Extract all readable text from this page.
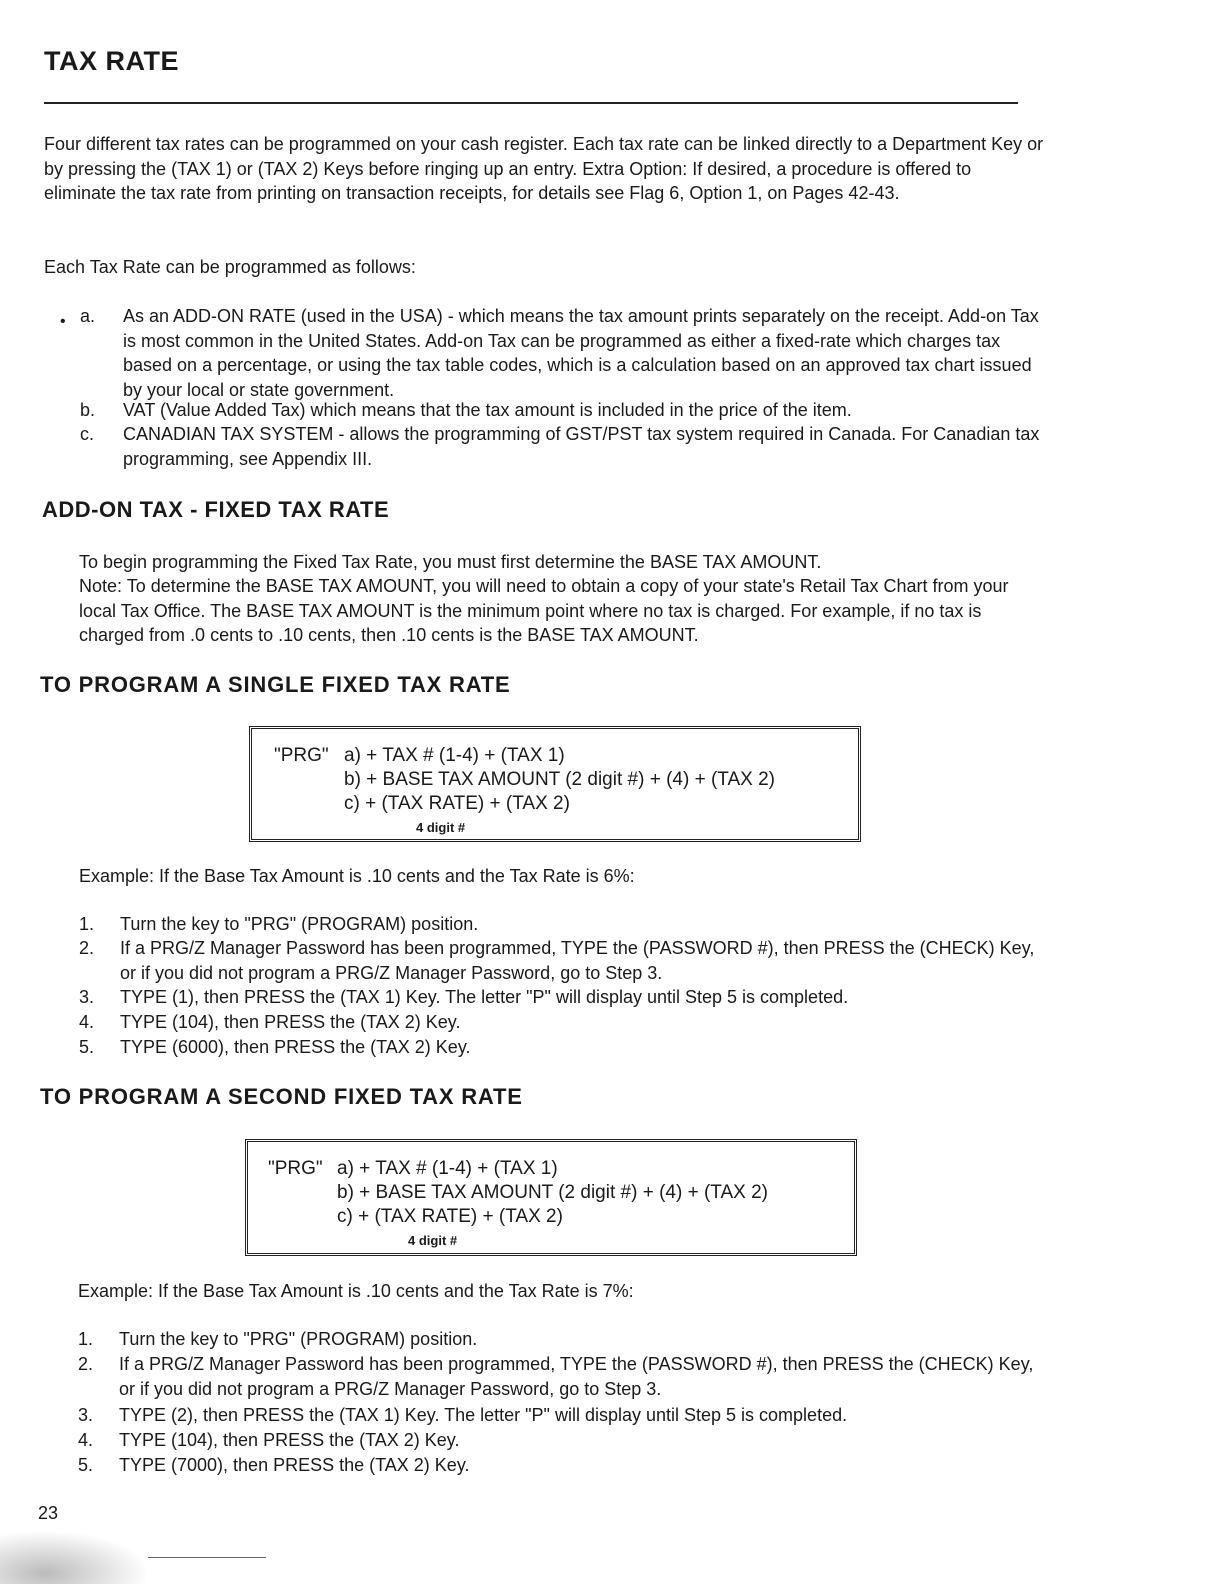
TAX RATE
Four different tax rates can be programmed on your cash register. Each tax rate can be linked directly to a Department Key or by pressing the (TAX 1) or (TAX 2) Keys before ringing up an entry. Extra Option: If desired, a procedure is offered to eliminate the tax rate from printing on transaction receipts, for details see Flag 6, Option 1, on Pages 42-43.
Each Tax Rate can be programmed as follows:
• a. As an ADD-ON RATE (used in the USA) - which means the tax amount prints separately on the receipt. Add-on Tax is most common in the United States. Add-on Tax can be programmed as either a fixed-rate which charges tax based on a percentage, or using the tax table codes, which is a calculation based on an approved tax chart issued by your local or state government.
b. VAT (Value Added Tax) which means that the tax amount is included in the price of the item.
c. CANADIAN TAX SYSTEM - allows the programming of GST/PST tax system required in Canada. For Canadian tax programming, see Appendix III.
ADD-ON TAX - FIXED TAX RATE
To begin programming the Fixed Tax Rate, you must first determine the BASE TAX AMOUNT.
Note: To determine the BASE TAX AMOUNT, you will need to obtain a copy of your state's Retail Tax Chart from your local Tax Office. The BASE TAX AMOUNT is the minimum point where no tax is charged. For example, if no tax is charged from .0 cents to .10 cents, then .10 cents is the BASE TAX AMOUNT.
TO PROGRAM A SINGLE FIXED TAX RATE
"PRG" a) + TAX # (1-4) + (TAX 1)
b) + BASE TAX AMOUNT (2 digit #) + (4) + (TAX 2)
c) + (TAX RATE) + (TAX 2)
4 digit #
Example: If the Base Tax Amount is .10 cents and the Tax Rate is 6%:
1. Turn the key to "PRG" (PROGRAM) position.
2. If a PRG/Z Manager Password has been programmed, TYPE the (PASSWORD #), then PRESS the (CHECK) Key, or if you did not program a PRG/Z Manager Password, go to Step 3.
3. TYPE (1), then PRESS the (TAX 1) Key. The letter "P" will display until Step 5 is completed.
4. TYPE (104), then PRESS the (TAX 2) Key.
5. TYPE (6000), then PRESS the (TAX 2) Key.
TO PROGRAM A SECOND FIXED TAX RATE
"PRG" a) + TAX # (1-4) + (TAX 1)
b) + BASE TAX AMOUNT (2 digit #) + (4) + (TAX 2)
c) + (TAX RATE) + (TAX 2)
4 digit #
Example: If the Base Tax Amount is .10 cents and the Tax Rate is 7%:
1. Turn the key to "PRG" (PROGRAM) position.
2. If a PRG/Z Manager Password has been programmed, TYPE the (PASSWORD #), then PRESS the (CHECK) Key, or if you did not program a PRG/Z Manager Password, go to Step 3.
3. TYPE (2), then PRESS the (TAX 1) Key. The letter "P" will display until Step 5 is completed.
4. TYPE (104), then PRESS the (TAX 2) Key.
5. TYPE (7000), then PRESS the (TAX 2) Key.
23
